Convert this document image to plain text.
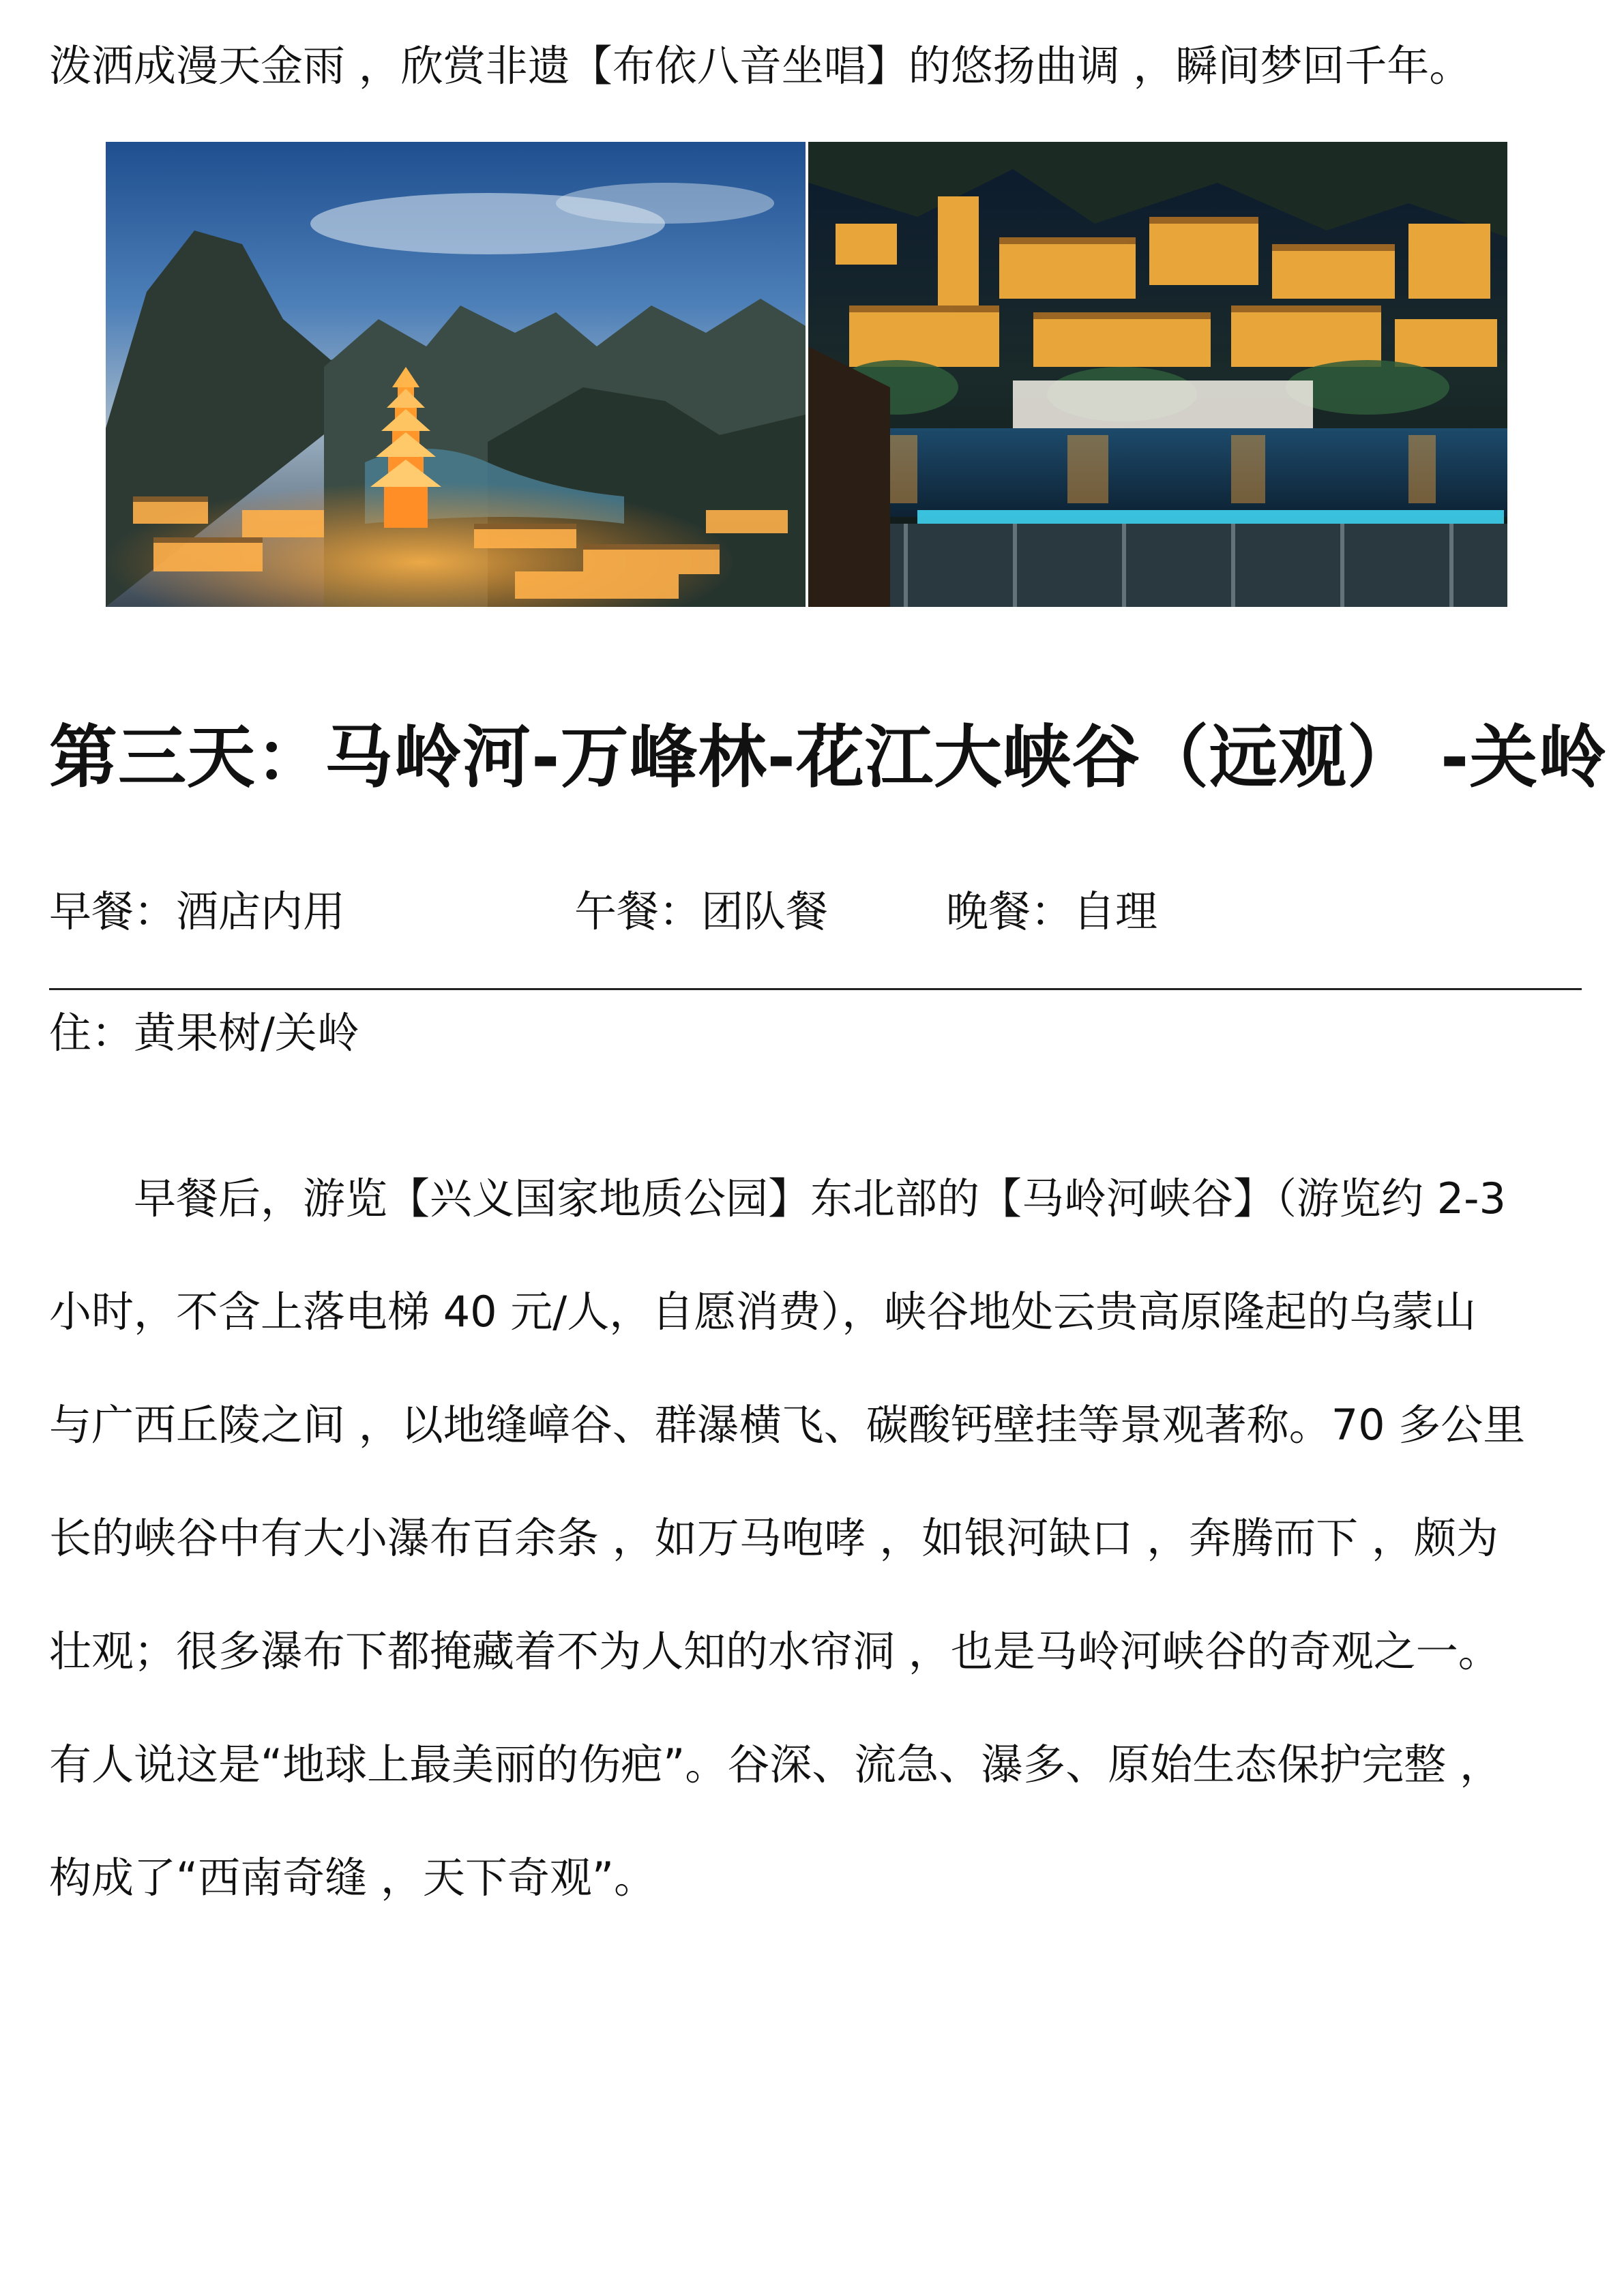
泼洒成漫天金雨 ，欣赏非遗【布依八音坐唱】的悠扬曲调 ，瞬间梦回千年。
第三天：马岭河-万峰林-花江大峡谷（远观） -关岭
早餐：酒店内用	午餐：团队餐	晚餐：自理
住：黄果树/关岭
　　早餐后，游览【兴义国家地质公园】东北部的【马岭河峡谷】（游览约 2-3
小时，不含上落电梯 40 元/人，自愿消费），峡谷地处云贵高原隆起的乌蒙山
与广西丘陵之间 ，以地缝嶂谷、群瀑横飞、碳酸钙壁挂等景观著称。70 多公里
长的峡谷中有大小瀑布百余条 ，如万马咆哮 ，如银河缺口 ，奔腾而下 ，颇为
壮观；很多瀑布下都掩藏着不为人知的水帘洞 ，也是马岭河峡谷的奇观之一。
有人说这是“地球上最美丽的伤疤”。谷深、流急、瀑多、原始生态保护完整 ，
构成了“西南奇缝 ，天下奇观”。
